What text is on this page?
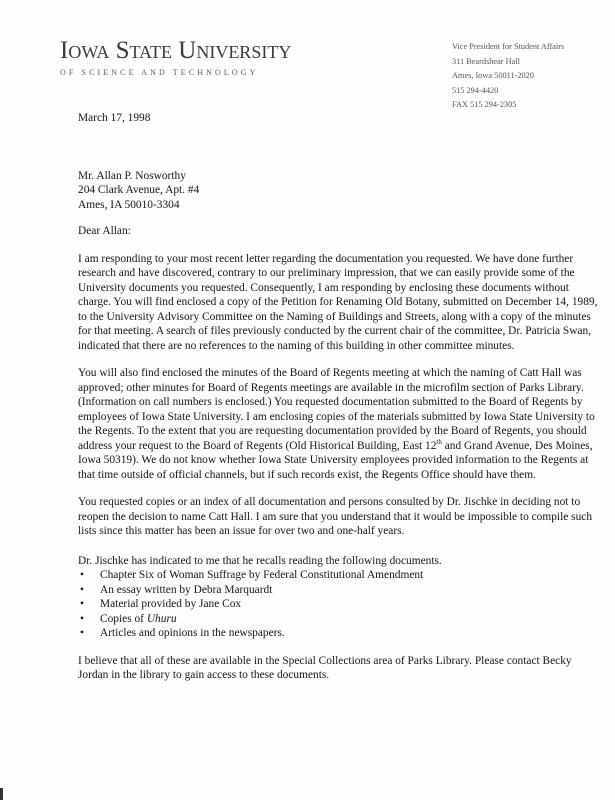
Iowa State University
OF SCIENCE AND TECHNOLOGY
Vice President for Student Affairs
311 Beardshear Hall
Ames, Iowa 50011-2020
515 294-4420
FAX 515 294-2305
March 17, 1998
Mr. Allan P. Nosworthy
204 Clark Avenue, Apt. #4
Ames, IA 50010-3304
Dear Allan:

I am responding to your most recent letter regarding the documentation you requested. We have done further research and have discovered, contrary to our preliminary impression, that we can easily provide some of the University documents you requested. Consequently, I am responding by enclosing these documents without charge. You will find enclosed a copy of the Petition for Renaming Old Botany, submitted on December 14, 1989, to the University Advisory Committee on the Naming of Buildings and Streets, along with a copy of the minutes for that meeting. A search of files previously conducted by the current chair of the committee, Dr. Patricia Swan, indicated that there are no references to the naming of this building in other committee minutes.

You will also find enclosed the minutes of the Board of Regents meeting at which the naming of Catt Hall was approved; other minutes for Board of Regents meetings are available in the microfilm section of Parks Library. (Information on call numbers is enclosed.) You requested documentation submitted to the Board of Regents by employees of Iowa State University. I am enclosing copies of the materials submitted by Iowa State University to the Regents. To the extent that you are requesting documentation provided by the Board of Regents, you should address your request to the Board of Regents (Old Historical Building, East 12th and Grand Avenue, Des Moines, Iowa 50319). We do not know whether Iowa State University employees provided information to the Regents at that time outside of official channels, but if such records exist, the Regents Office should have them.

You requested copies or an index of all documentation and persons consulted by Dr. Jischke in deciding not to reopen the decision to name Catt Hall. I am sure that you understand that it would be impossible to compile such lists since this matter has been an issue for over two and one-half years.

Dr. Jischke has indicated to me that he recalls reading the following documents.
• Chapter Six of Woman Suffrage by Federal Constitutional Amendment
• An essay written by Debra Marquardt
• Material provided by Jane Cox
• Copies of Uhuru
• Articles and opinions in the newspapers.

I believe that all of these are available in the Special Collections area of Parks Library. Please contact Becky Jordan in the library to gain access to these documents.
